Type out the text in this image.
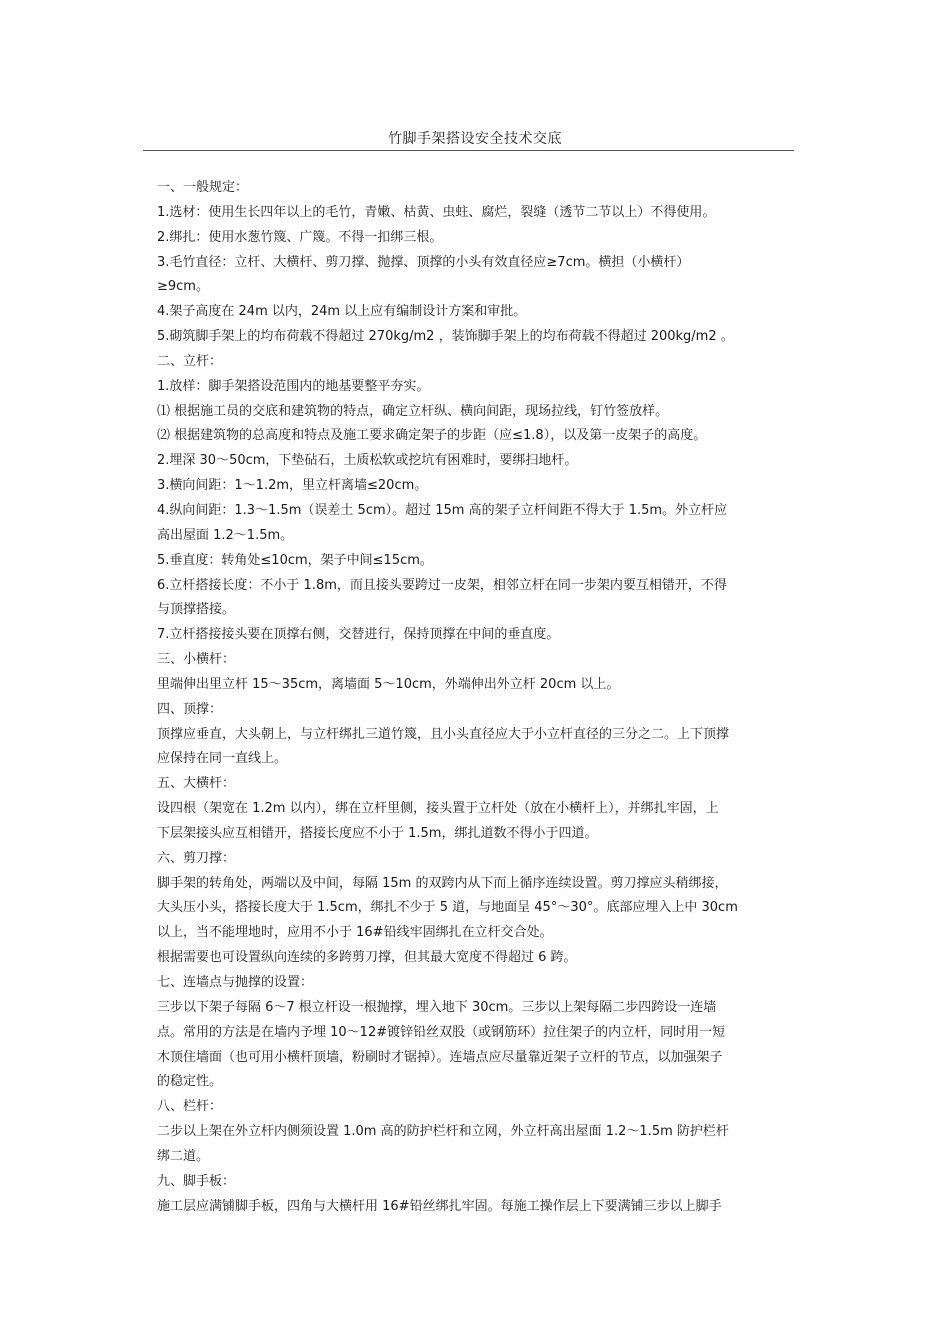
竹脚手架搭设安全技术交底
一、一般规定：
1.选材：使用生长四年以上的毛竹，青嫩、枯黄、虫蛀、腐烂，裂缝（透节二节以上）不得使用。
2.绑扎：使用水葱竹篾、广篾。不得一扣绑三根。
3.毛竹直径：立杆、大横杆、剪刀撑、抛撑、顶撑的小头有效直径应≥7cm。横担（小横杆）
≥9cm。
4.架子高度在 24m 以内，24m 以上应有编制设计方案和审批。
5.砌筑脚手架上的均布荷载不得超过 270kg/m2 ，装饰脚手架上的均布荷载不得超过 200kg/m2 。
二、立杆：
1.放样：脚手架搭设范围内的地基要整平夯实。
⑴ 根据施工员的交底和建筑物的特点，确定立杆纵、横向间距，现场拉线，钉竹签放样。
⑵ 根据建筑物的总高度和特点及施工要求确定架子的步距（应≤1.8），以及第一皮架子的高度。
2.埋深 30～50cm，下垫砧石，土质松软或挖坑有困难时，要绑扫地杆。
3.横向间距：1～1.2m，里立杆离墙≤20cm。
4.纵向间距：1.3～1.5m（误差土 5cm）。超过 15m 高的架子立杆间距不得大于 1.5m。外立杆应
高出屋面 1.2～1.5m。
5.垂直度：转角处≤10cm，架子中间≤15cm。
6.立杆搭接长度：不小于 1.8m，而且接头要跨过一皮架，相邻立杆在同一步架内要互相错开，不得
与顶撑搭接。
7.立杆搭接接头要在顶撑右侧，交替进行，保持顶撑在中间的垂直度。
三、小横杆：
里端伸出里立杆 15～35cm，离墙面 5～10cm，外端伸出外立杆 20cm 以上。
四、顶撑：
顶撑应垂直，大头朝上，与立杆绑扎三道竹篾，且小头直径应大于小立杆直径的三分之二。上下顶撑
应保持在同一直线上。
五、大横杆：
设四根（架宽在 1.2m 以内），绑在立杆里侧，接头置于立杆处（放在小横杆上），并绑扎牢固，上
下层架接头应互相错开，搭接长度应不小于 1.5m，绑扎道数不得小于四道。
六、剪刀撑：
脚手架的转角处，两端以及中间，每隔 15m 的双跨内从下而上循序连续设置。剪刀撑应头稍绑接，
大头压小头，搭接长度大于 1.5cm，绑扎不少于 5 道，与地面呈 45°～30°。底部应埋入上中 30cm
以上，当不能埋地时，应用不小于 16#铅线牢固绑扎在立杆交合处。
根据需要也可设置纵向连续的多跨剪刀撑，但其最大宽度不得超过 6 跨。
七、连墙点与抛撑的设置：
三步以下架子每隔 6～7 根立杆设一根抛撑，埋入地下 30cm。三步以上架每隔二步四跨设一连墙
点。常用的方法是在墙内予埋 10～12#镀锌铅丝双股（或钢筋环）拉住架子的内立杆，同时用一短
木顶住墙面（也可用小横杆顶墙，粉刷时才锯掉）。连墙点应尽量靠近架子立杆的节点，以加强架子
的稳定性。
八、栏杆：
二步以上架在外立杆内侧须设置 1.0m 高的防护栏杆和立网，外立杆高出屋面 1.2～1.5m 防护栏杆
绑二道。
九、脚手板：
施工层应满铺脚手板，四角与大横杆用 16#铅丝绑扎牢固。每施工操作层上下要满铺三步以上脚手
